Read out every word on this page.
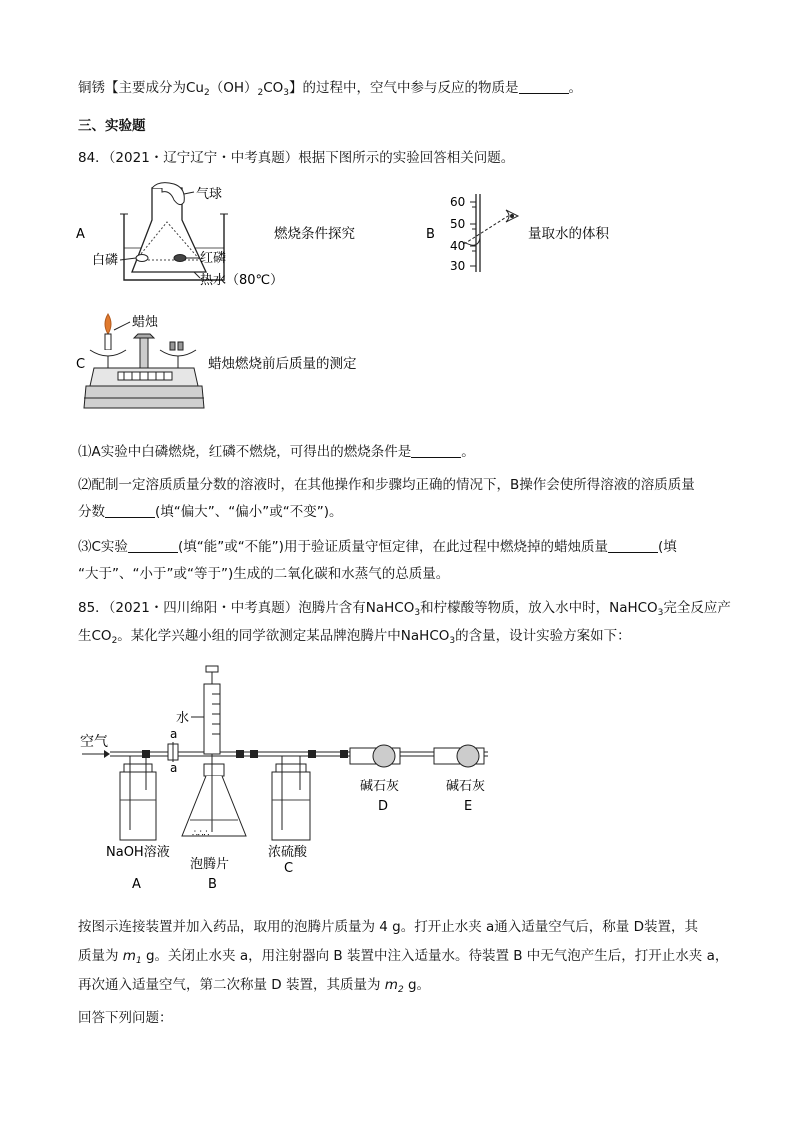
铜锈【主要成分为$Cu_2(OH)_2CO_3$】的过程中，空气中参与反应的物质是	。
三、实验题
84．（2021・辽宁辽宁・中考真题）根据下图所示的实验回答相关问题。
A
气球
白磷	红磷
热水（80℃）
燃烧条件探究	B
60
50
40
30
量取水的体积
C
蜡烛
蜡烛燃烧前后质量的测定
⑴A实验中白磷燃烧，红磷不燃烧，可得出的燃烧条件是	。
⑵配制一定溶质质量分数的溶液时，在其他操作和步骤均正确的情况下，B操作会使所得溶液的溶质质量
分数	(填“偏大”、“偏小”或“不变”)。
⑶C实验	(填“能”或“不能”)用于验证质量守恒定律，在此过程中燃烧掉的蜡烛质量	(填
“大于”、“小于”或“等于”)生成的二氧化碳和水蒸气的总质量。
85．（2021・四川绵阳・中考真题）泡腾片含有NaHCO$_3$和柠檬酸等物质，放入水中时，NaHCO$_3$完全反应产
生$CO_2$。某化学兴趣小组的同学欲测定某品牌泡腾片中NaHCO$_3$的含量，设计实验方案如下：
空气	a
a
NaOH溶液
A
水
∴∴∴
泡腾片
B
浓硫酸
C
碱石灰
D
碱石灰
E
按图示连接装置并加入药品，取用的泡腾片质量为 4 g。打开止水夹 a通入适量空气后，称量 D装置，其
质量为 $m_1$ g。关闭止水夹 a，用注射器向 B 装置中注入适量水。待装置 B 中无气泡产生后，打开止水夹 a，
再次通入适量空气，第二次称量 D 装置，其质量为 $m_2$ g。
回答下列问题：
